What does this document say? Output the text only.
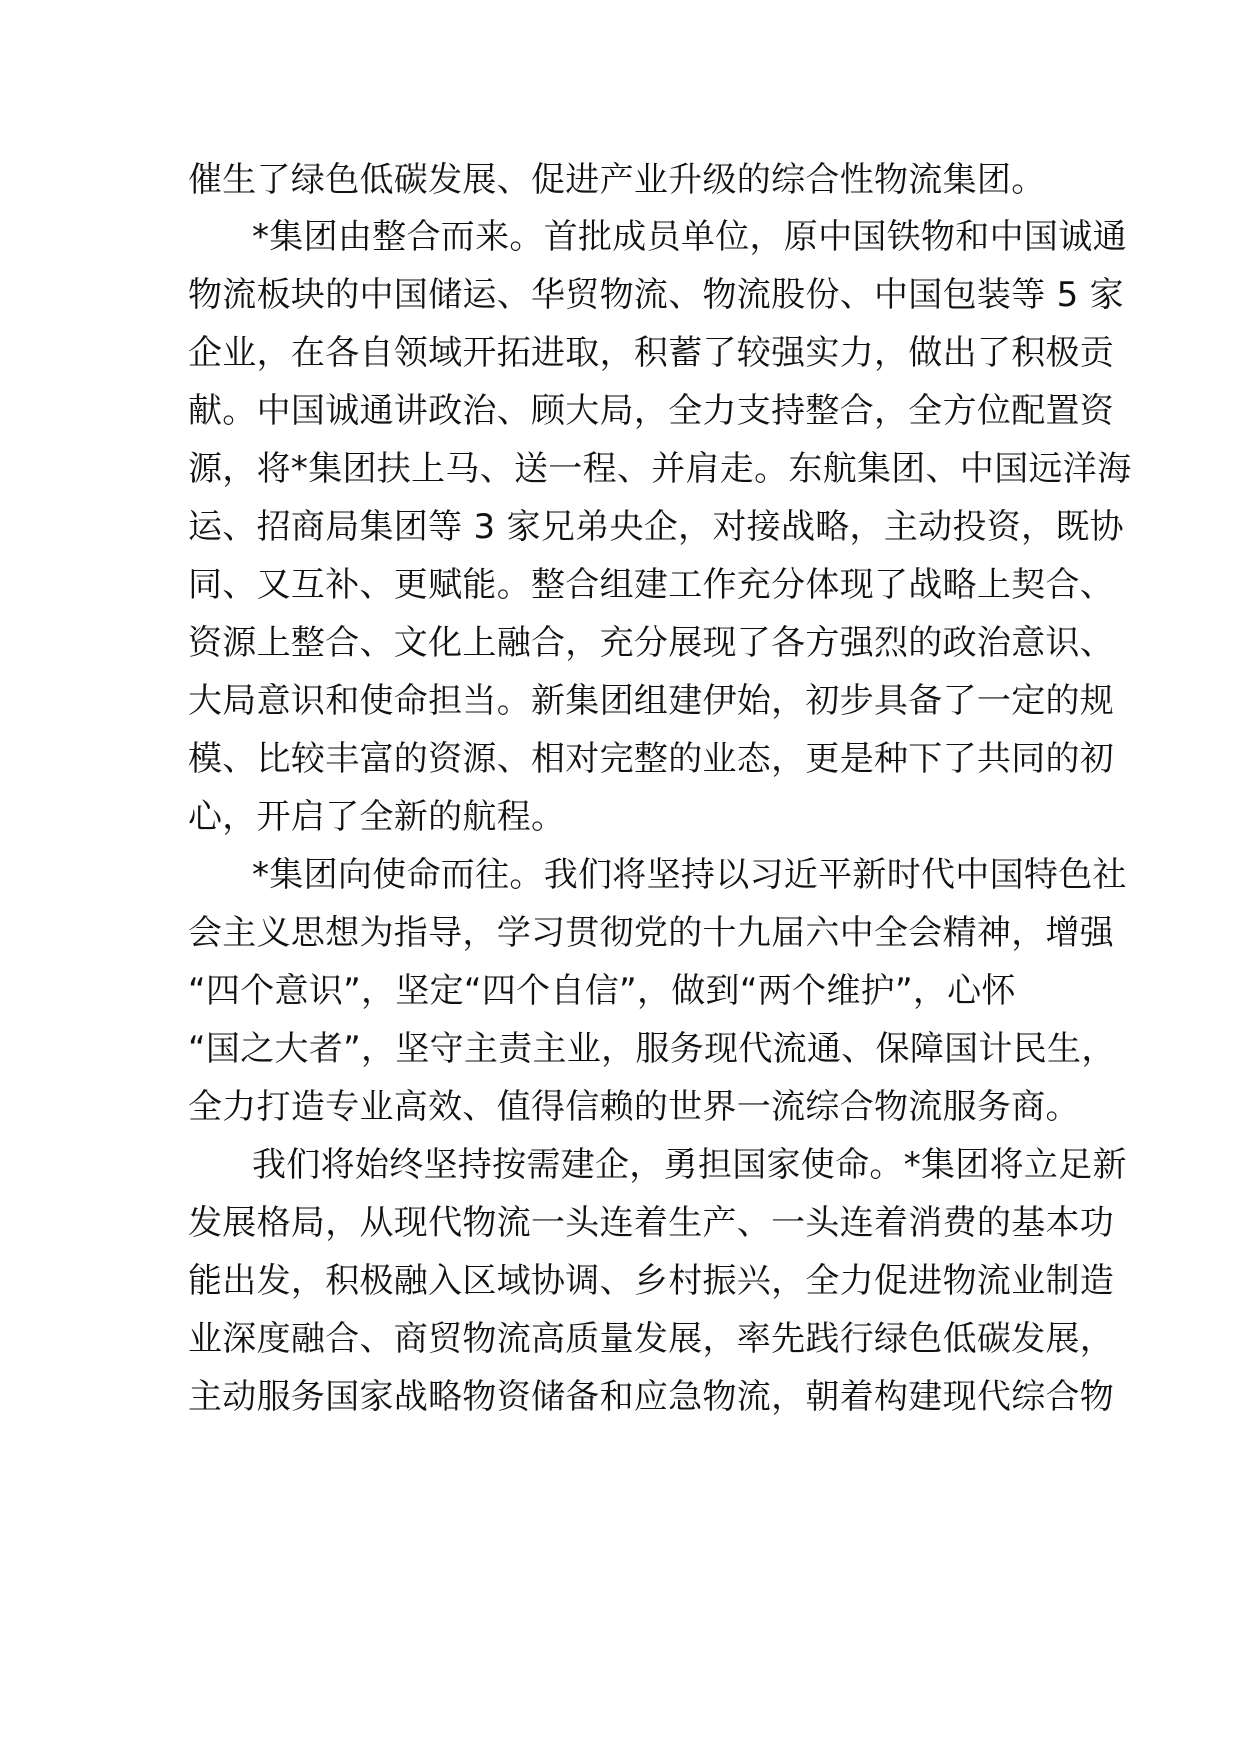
催生了绿色低碳发展、促进产业升级的综合性物流集团。
*集团由整合而来。首批成员单位，原中国铁物和中国诚通
物流板块的中国储运、华贸物流、物流股份、中国包装等 5 家
企业，在各自领域开拓进取，积蓄了较强实力，做出了积极贡
献。中国诚通讲政治、顾大局，全力支持整合，全方位配置资
源，将*集团扶上马、送一程、并肩走。东航集团、中国远洋海
运、招商局集团等 3 家兄弟央企，对接战略，主动投资，既协
同、又互补、更赋能。整合组建工作充分体现了战略上契合、
资源上整合、文化上融合，充分展现了各方强烈的政治意识、
大局意识和使命担当。新集团组建伊始，初步具备了一定的规
模、比较丰富的资源、相对完整的业态，更是种下了共同的初
心，开启了全新的航程。
*集团向使命而往。我们将坚持以习近平新时代中国特色社
会主义思想为指导，学习贯彻党的十九届六中全会精神，增强
“四个意识”，坚定“四个自信”，做到“两个维护”，心怀
“国之大者”，坚守主责主业，服务现代流通、保障国计民生，
全力打造专业高效、值得信赖的世界一流综合物流服务商。
我们将始终坚持按需建企，勇担国家使命。*集团将立足新
发展格局，从现代物流一头连着生产、一头连着消费的基本功
能出发，积极融入区域协调、乡村振兴，全力促进物流业制造
业深度融合、商贸物流高质量发展，率先践行绿色低碳发展，
主动服务国家战略物资储备和应急物流，朝着构建现代综合物
